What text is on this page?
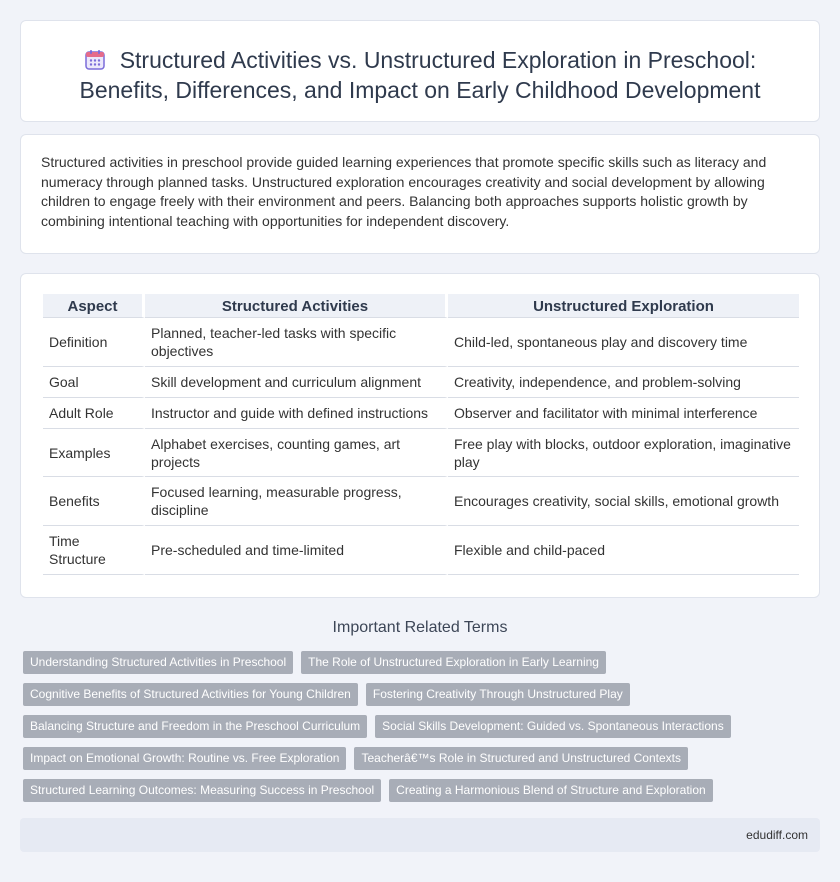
Structured Activities vs. Unstructured Exploration in Preschool: Benefits, Differences, and Impact on Early Childhood Development

Structured activities in preschool provide guided learning experiences that promote specific skills such as literacy and numeracy through planned tasks. Unstructured exploration encourages creativity and social development by allowing children to engage freely with their environment and peers. Balancing both approaches supports holistic growth by combining intentional teaching with opportunities for independent discovery.

Aspect	Structured Activities	Unstructured Exploration
Definition	Planned, teacher-led tasks with specific objectives	Child-led, spontaneous play and discovery time
Goal	Skill development and curriculum alignment	Creativity, independence, and problem-solving
Adult Role	Instructor and guide with defined instructions	Observer and facilitator with minimal interference
Examples	Alphabet exercises, counting games, art projects	Free play with blocks, outdoor exploration, imaginative play
Benefits	Focused learning, measurable progress, discipline	Encourages creativity, social skills, emotional growth
Time Structure	Pre-scheduled and time-limited	Flexible and child-paced
Important Related Terms
Understanding Structured Activities in Preschool	The Role of Unstructured Exploration in Early Learning
Cognitive Benefits of Structured Activities for Young Children	Fostering Creativity Through Unstructured Play
Balancing Structure and Freedom in the Preschool Curriculum	Social Skills Development: Guided vs. Spontaneous Interactions
Impact on Emotional Growth: Routine vs. Free Exploration	Teacherâ€™s Role in Structured and Unstructured Contexts
Structured Learning Outcomes: Measuring Success in Preschool	Creating a Harmonious Blend of Structure and Exploration
edudiff.com
